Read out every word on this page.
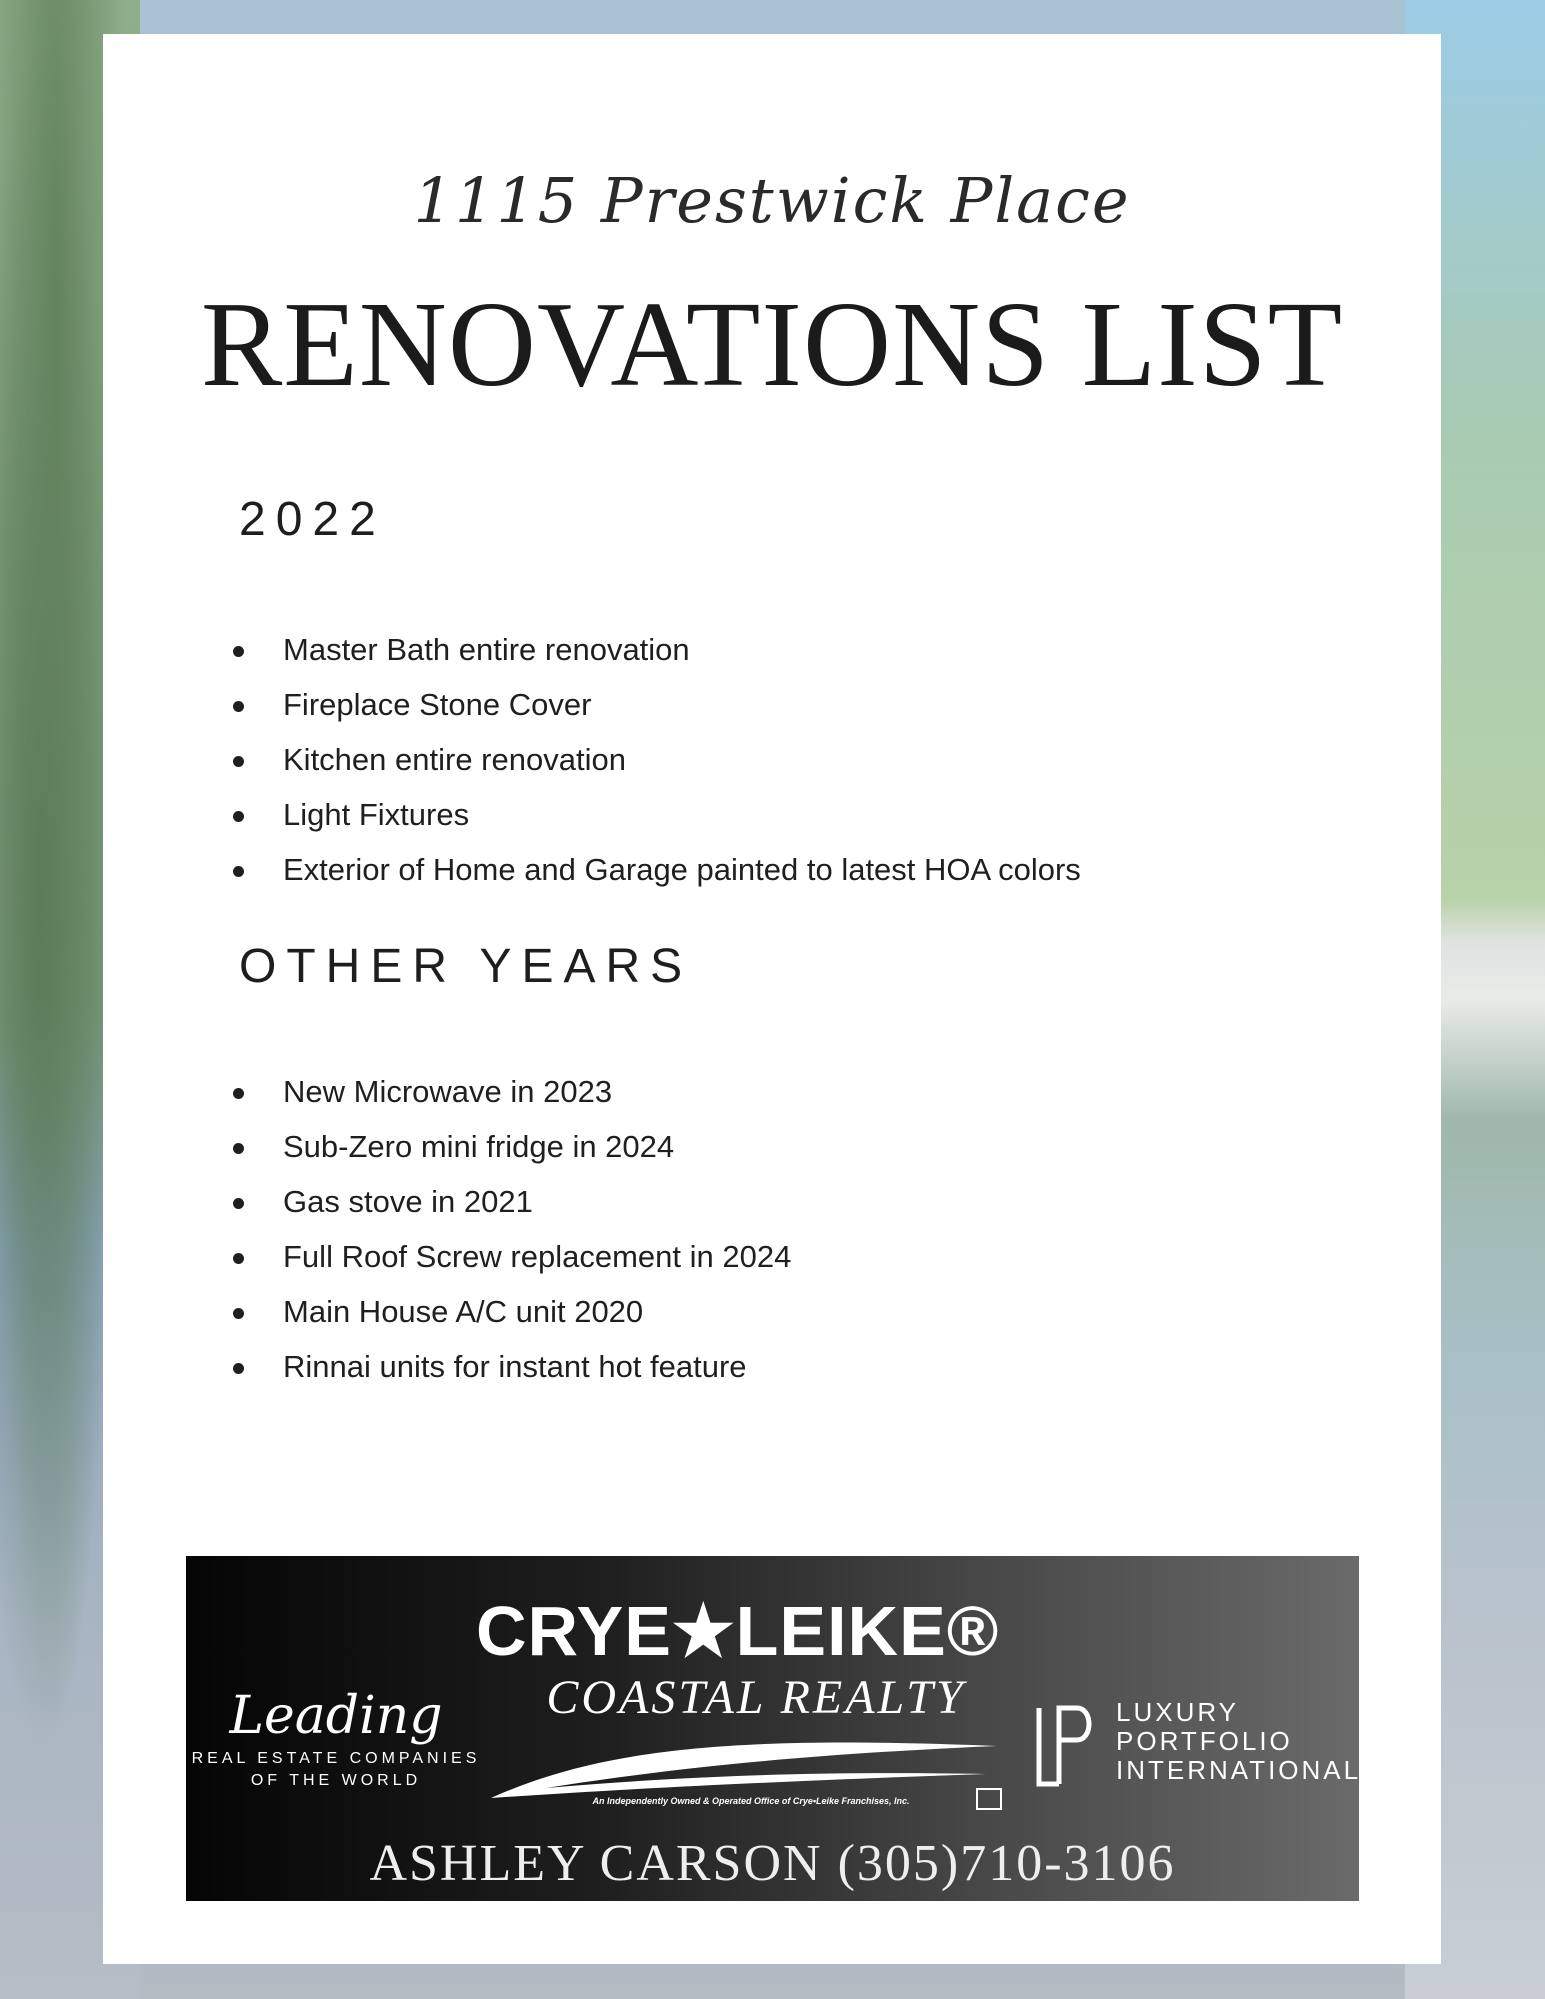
1115 Prestwick Place
RENOVATIONS LIST
2022
Master Bath entire renovation
Fireplace Stone Cover
Kitchen entire renovation
Light Fixtures
Exterior of Home and Garage painted to latest HOA colors
OTHER YEARS
New Microwave in 2023
Sub-Zero mini fridge in 2024
Gas stove in 2021
Full Roof Screw replacement in 2024
Main House A/C unit 2020
Rinnai units for instant hot feature
Leading
REAL ESTATE COMPANIES
OF THE WORLD
CRYE★LEIKE®
COASTAL REALTY
An Independently Owned & Operated Office of Crye•Leike Franchises, Inc.
LUXURY
PORTFOLIO
INTERNATIONAL®
ASHLEY CARSON (305)710-3106
